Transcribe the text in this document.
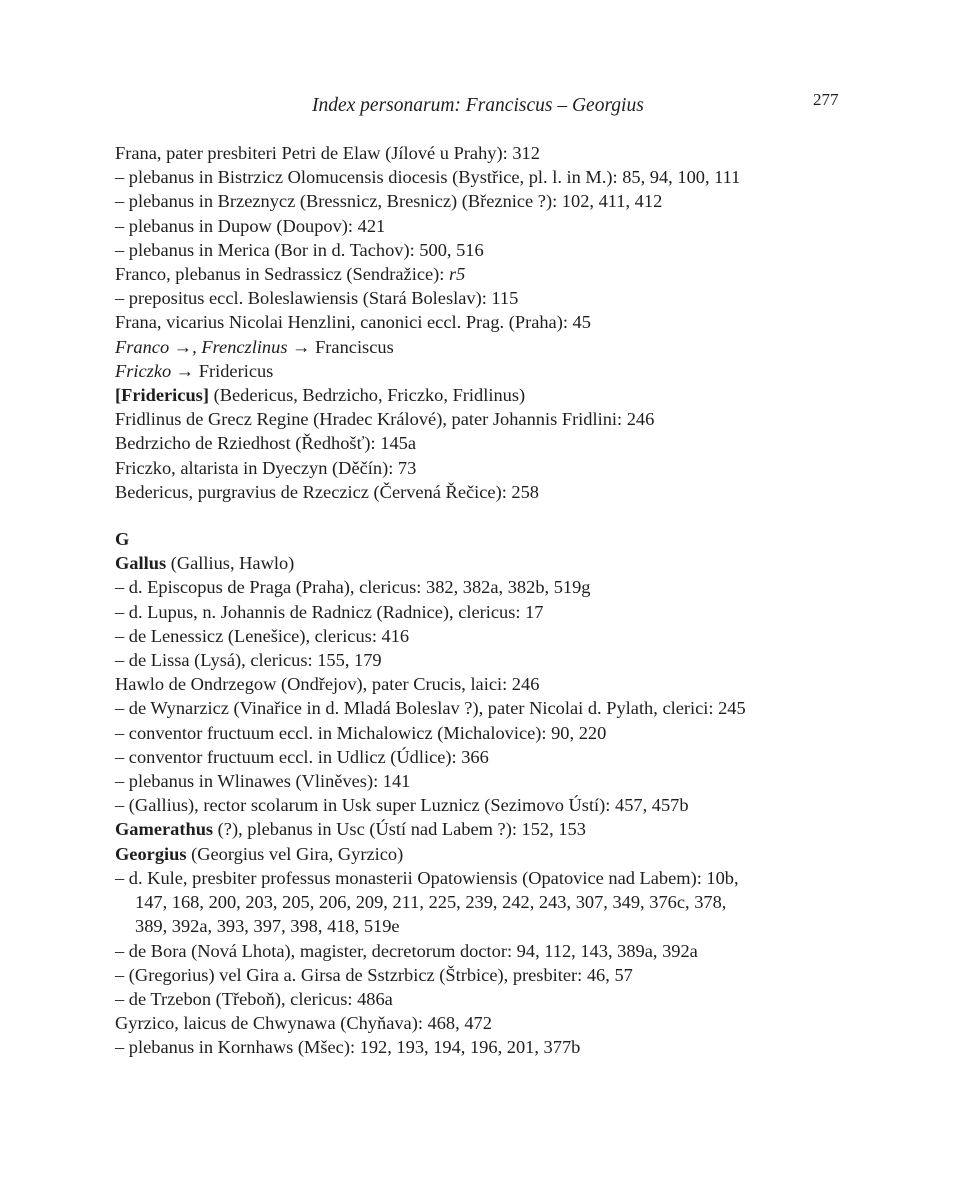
Index personarum: Franciscus – Georgius	277
Frana, pater presbiteri Petri de Elaw (Jílové u Prahy): 312
– plebanus in Bistrzicz Olomucensis diocesis (Bystřice, pl. l. in M.): 85, 94, 100, 111
– plebanus in Brzeznycz (Bressnicz, Bresnicz) (Březnice ?): 102, 411, 412
– plebanus in Dupow (Doupov): 421
– plebanus in Merica (Bor in d. Tachov): 500, 516
Franco, plebanus in Sedrassicz (Sendražice): r5
– prepositus eccl. Boleslawiensis (Stará Boleslav): 115
Frana, vicarius Nicolai Henzlini, canonici eccl. Prag. (Praha): 45
Franco →, Frenczlinus → Franciscus
Friczko → Fridericus
[Fridericus] (Bedericus, Bedrzicho, Friczko, Fridlinus)
Fridlinus de Grecz Regine (Hradec Králové), pater Johannis Fridlini: 246
Bedrzicho de Rziedhost (Ředhošť): 145a
Friczko, altarista in Dyeczyn (Děčín): 73
Bedericus, purgravius de Rzeczicz (Červená Řečice): 258
G
Gallus (Gallius, Hawlo)
– d. Episcopus de Praga (Praha), clericus: 382, 382a, 382b, 519g
– d. Lupus, n. Johannis de Radnicz (Radnice), clericus: 17
– de Lenessicz (Lenešice), clericus: 416
– de Lissa (Lysá), clericus: 155, 179
Hawlo de Ondrzegow (Ondřejov), pater Crucis, laici: 246
– de Wynarzicz (Vinařice in d. Mladá Boleslav ?), pater Nicolai d. Pylath, clerici: 245
– conventor fructuum eccl. in Michalowicz (Michalovice): 90, 220
– conventor fructuum eccl. in Udlicz (Údlice): 366
– plebanus in Wlinawes (Vliněves): 141
– (Gallius), rector scolarum in Usk super Luznicz (Sezimovo Ústí): 457, 457b
Gamerathus (?), plebanus in Usc (Ústí nad Labem ?): 152, 153
Georgius (Georgius vel Gira, Gyrzico)
– d. Kule, presbiter professus monasterii Opatowiensis (Opatovice nad Labem): 10b,
147, 168, 200, 203, 205, 206, 209, 211, 225, 239, 242, 243, 307, 349, 376c, 378,
389, 392a, 393, 397, 398, 418, 519e
– de Bora (Nová Lhota), magister, decretorum doctor: 94, 112, 143, 389a, 392a
– (Gregorius) vel Gira a. Girsa de Sstzrbicz (Štrbice), presbiter: 46, 57
– de Trzebon (Třeboň), clericus: 486a
Gyrzico, laicus de Chwynawa (Chyňava): 468, 472
– plebanus in Kornhaws (Mšec): 192, 193, 194, 196, 201, 377b
